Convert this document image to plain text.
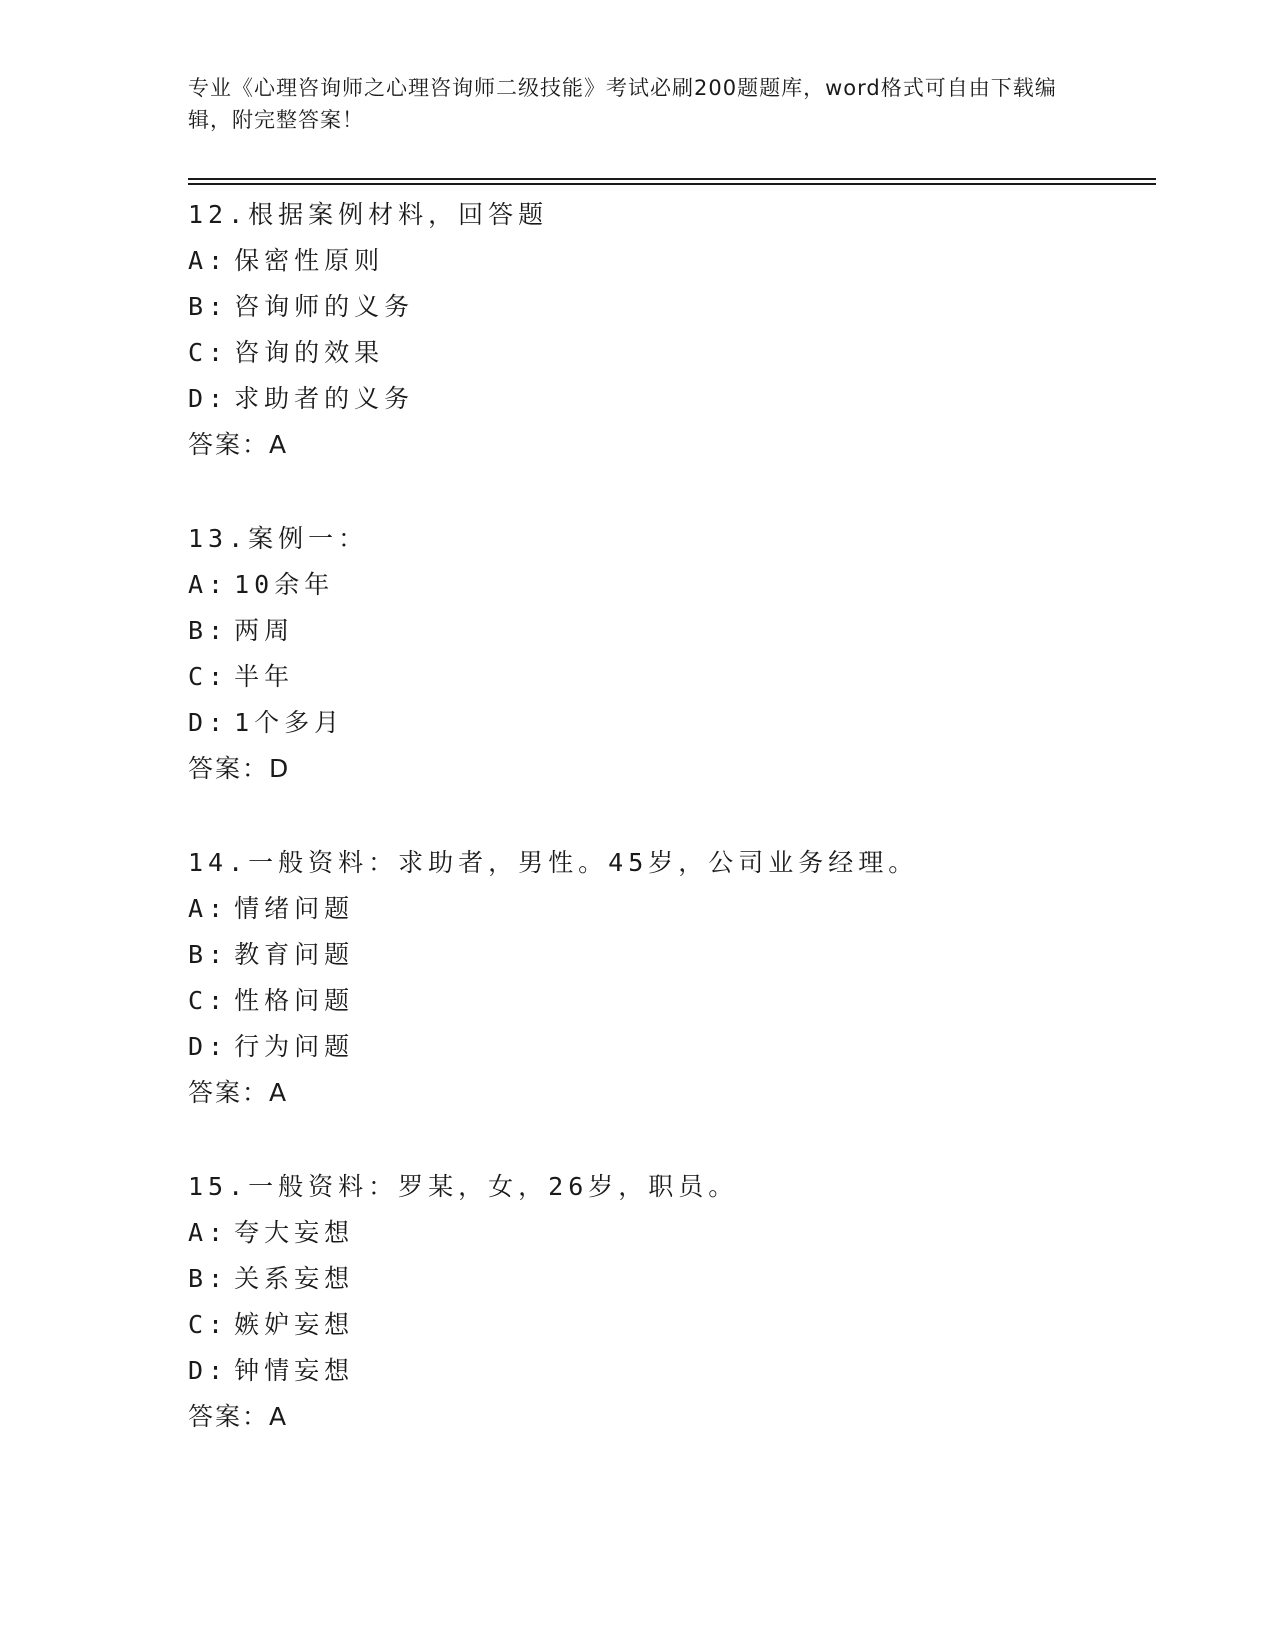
专业《心理咨询师之心理咨询师二级技能》考试必刷200题题库，word格式可自由下载编辑，附完整答案！
12.根据案例材料，回答题
A: 保密性原则
B: 咨询师的义务
C: 咨询的效果
D: 求助者的义务
答案：A
13.案例一：
A: 10余年
B: 两周
C: 半年
D: 1个多月
答案：D
14.一般资料：求助者，男性。45岁，公司业务经理。
A: 情绪问题
B: 教育问题
C: 性格问题
D: 行为问题
答案：A
15.一般资料：罗某，女，26岁，职员。
A: 夸大妄想
B: 关系妄想
C: 嫉妒妄想
D: 钟情妄想
答案：A
